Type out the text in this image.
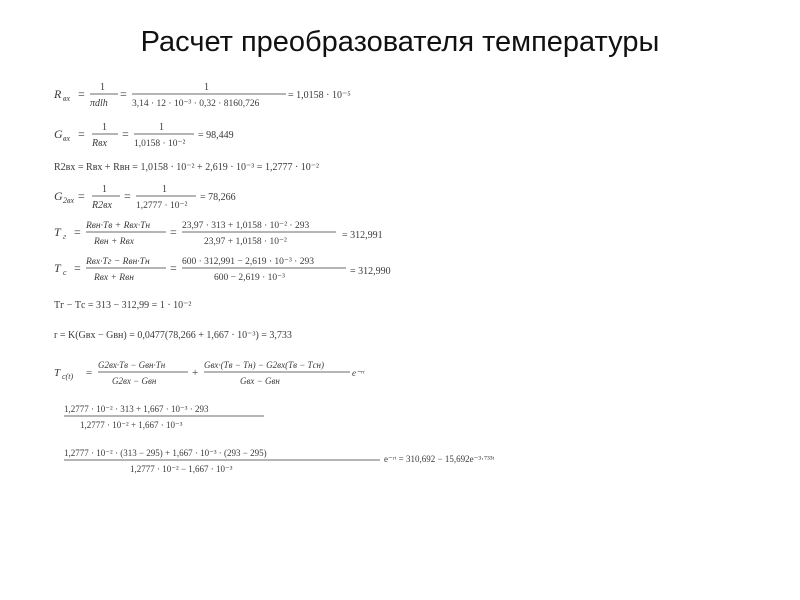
Расчет преобразователя температуры
R вх = 1
πdlh
=	1
3,14 · 12 · 10⁻³ · 0,32 · 8160,726
= 1,0158 · 10⁻⁵
G вх = 1
Rвх
=	1
1,0158 · 10⁻²
= 98,449
R2вх = Rвх + Rвн = 1,0158 · 10⁻² + 2,619 · 10⁻³ = 1,2777 · 10⁻²
G 2вх = 1
R2вх
=	1
1,2777 · 10⁻²
= 78,266
T г = Rвн·Tв + Rвх·Tн
Rвн + Rвх
= 23,97 · 313 + 1,0158 · 10⁻² · 293
23,97 + 1,0158 · 10⁻²
= 312,991
T c = Rвх·Tг − Rвн·Tн
Rвх + Rвн
= 600 · 312,991 − 2,619 · 10⁻³ · 293
600 − 2,619 · 10⁻³
= 312,990
Tг − Tс = 313 − 312,99 = 1 · 10⁻²
r = K(Gвх − Gвн) = 0,0477(78,266 + 1,667 · 10⁻³) = 3,733
T с(t) =
G2вх·Tв − Gвн·Tн
G2вх − Gвн
+
Gвх·(Tв − Tн) − G2вх(Tв − Tсн)
Gвх − Gвн
e⁻ʳᵗ
1,2777 · 10⁻² · 313 + 1,667 · 10⁻³ · 293
1,2777 · 10⁻² + 1,667 · 10⁻³
1,2777 · 10⁻² · (313 − 295) + 1,667 · 10⁻³ · (293 − 295)
1,2777 · 10⁻² − 1,667 · 10⁻³
e⁻ʳᵗ = 310,692 − 15,692e⁻³·⁷³³ᵗ
